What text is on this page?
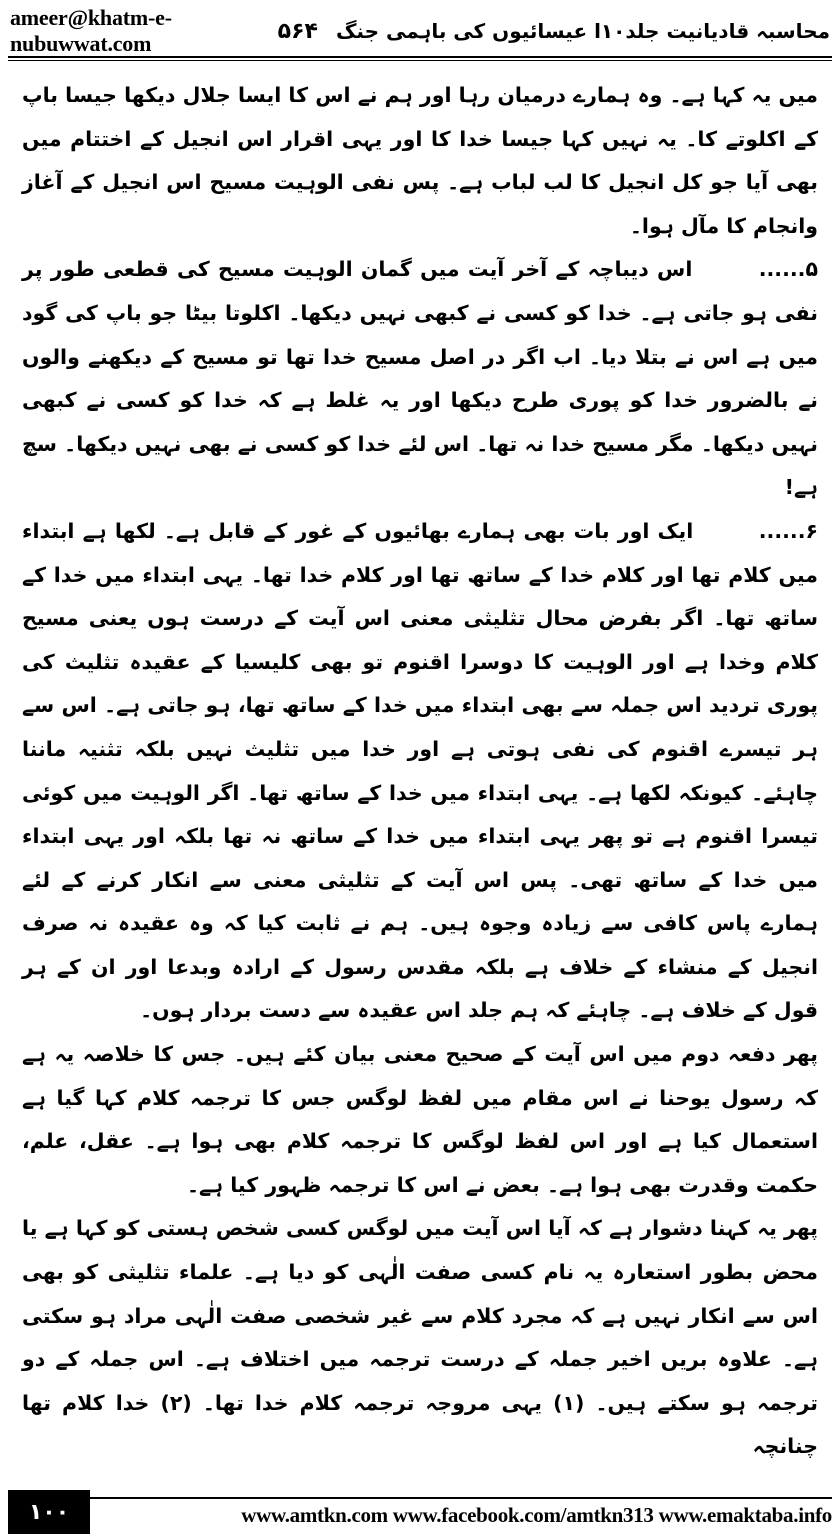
ameer@khatm-e-nubuwwat.com	محاسبہ قادیانیت جلد۱۰ا عیسائیوں کی باہمی جنگ
۵۶۴

میں یہ کہا ہے۔ وہ ہمارے درمیان رہا اور ہم نے اس کا ایسا جلال دیکھا جیسا باپ کے اکلوتے کا۔ یہ نہیں کہا جیسا خدا کا اور یہی اقرار اس انجیل کے اختتام میں بھی آیا جو کل انجیل کا لب لباب ہے۔ پس نفی الوہیت مسیح اس انجیل کے آغاز وانجام کا مآل ہوا۔

۵......        اس دیباچہ کے آخر آیت میں گمان الوہیت مسیح کی قطعی طور پر نفی ہو جاتی ہے۔ خدا کو کسی نے کبھی نہیں دیکھا۔ اکلوتا بیٹا جو باپ کی گود میں ہے اس نے بتلا دیا۔ اب اگر در اصل مسیح خدا تھا تو مسیح کے دیکھنے والوں نے بالضرور خدا کو پوری طرح دیکھا اور یہ غلط ہے کہ خدا کو کسی نے کبھی نہیں دیکھا۔ مگر مسیح خدا نہ تھا۔ اس لئے خدا کو کسی نے بھی نہیں دیکھا۔ سچ ہے!

۶......        ایک اور بات بھی ہمارے بھائیوں کے غور کے قابل ہے۔ لکھا ہے ابتداء میں کلام تھا اور کلام خدا کے ساتھ تھا اور کلام خدا تھا۔ یہی ابتداء میں خدا کے ساتھ تھا۔ اگر بفرض محال تثلیثی معنی اس آیت کے درست ہوں یعنی مسیح کلام وخدا ہے اور الوہیت کا دوسرا اقنوم تو بھی کلیسیا کے عقیدہ تثلیث کی پوری تردید اس جملہ سے بھی ابتداء میں خدا کے ساتھ تھا، ہو جاتی ہے۔ اس سے ہر تیسرے اقنوم کی نفی ہوتی ہے اور خدا میں تثلیث نہیں بلکہ تثنیہ ماننا چاہئے۔ کیونکہ لکھا ہے۔ یہی ابتداء میں خدا کے ساتھ تھا۔ اگر الوہیت میں کوئی تیسرا اقنوم ہے تو پھر یہی ابتداء میں خدا کے ساتھ نہ تھا بلکہ اور یہی ابتداء میں خدا کے ساتھ تھی۔ پس اس آیت کے تثلیثی معنی سے انکار کرنے کے لئے ہمارے پاس کافی سے زیادہ وجوہ ہیں۔ ہم نے ثابت کیا کہ وہ عقیدہ نہ صرف انجیل کے منشاء کے خلاف ہے بلکہ مقدس رسول کے ارادہ وبدعا اور ان کے ہر قول کے خلاف ہے۔ چاہئے کہ ہم جلد اس عقیدہ سے دست بردار ہوں۔

پھر دفعہ دوم میں اس آیت کے صحیح معنی بیان کئے ہیں۔ جس کا خلاصہ یہ ہے کہ رسول یوحنا نے اس مقام میں لفظ لوگس جس کا ترجمہ کلام کہا گیا ہے استعمال کیا ہے اور اس لفظ لوگس کا ترجمہ کلام بھی ہوا ہے۔ عقل، علم، حکمت وقدرت بھی ہوا ہے۔ بعض نے اس کا ترجمہ ظہور کیا ہے۔

پھر یہ کہنا دشوار ہے کہ آیا اس آیت میں لوگس کسی شخص ہستی کو کہا ہے یا محض بطور استعارہ یہ نام کسی صفت الٰہی کو دیا ہے۔ علماء تثلیثی کو بھی اس سے انکار نہیں ہے کہ مجرد کلام سے غیر شخصی صفت الٰہی مراد ہو سکتی ہے۔ علاوہ بریں اخیر جملہ کے درست ترجمہ میں اختلاف ہے۔ اس جملہ کے دو ترجمہ ہو سکتے ہیں۔ (۱) یہی مروجہ ترجمہ کلام خدا تھا۔ (۲) خدا کلام تھا چنانچہ

۱۰۰	www.amtkn.com www.facebook.com/amtkn313 www.emaktaba.info
